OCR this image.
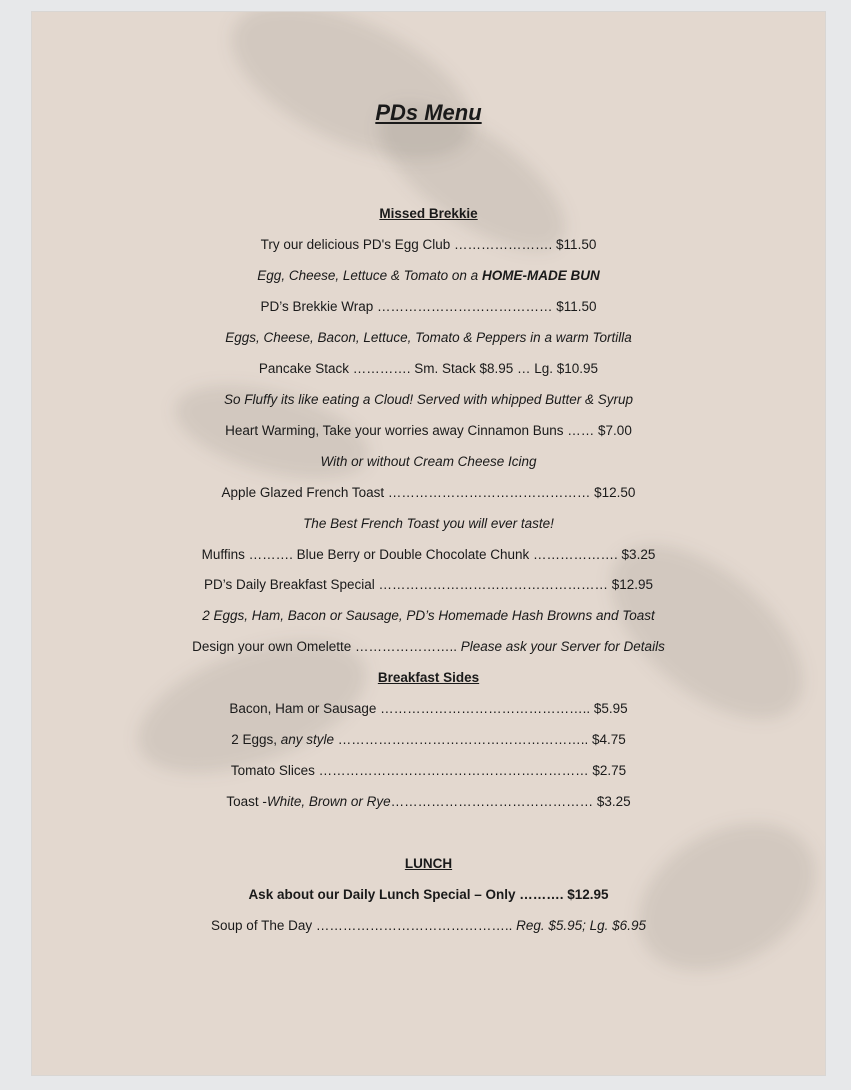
PDs Menu
Missed Brekkie
Try our delicious PD's Egg Club …………………. $11.50
Egg, Cheese, Lettuce & Tomato on a HOME-MADE BUN
PD’s Brekkie Wrap ………………………………… $11.50
Eggs, Cheese, Bacon, Lettuce, Tomato & Peppers in a warm Tortilla
Pancake Stack …………. Sm. Stack $8.95 … Lg. $10.95
So Fluffy its like eating a Cloud! Served with whipped Butter & Syrup
Heart Warming, Take your worries away Cinnamon Buns …… $7.00
With or without Cream Cheese Icing
Apple Glazed French Toast ……………………………………… $12.50
The Best French Toast you will ever taste!
Muffins ………. Blue Berry or Double Chocolate Chunk ………………. $3.25
PD’s Daily Breakfast Special …………………………………………… $12.95
2 Eggs, Ham, Bacon or Sausage, PD’s Homemade Hash Browns and Toast
Design your own Omelette ………………….. Please ask your Server for Details
Breakfast Sides
Bacon, Ham or Sausage ……………………………………….. $5.95
2 Eggs, any style ……………………………………………….. $4.75
Tomato Slices …………………………………………………… $2.75
Toast -White, Brown or Rye……………………………………… $3.25
LUNCH
Ask about our Daily Lunch Special – Only ………. $12.95
Soup of The Day …………………………………….. Reg. $5.95; Lg. $6.95
